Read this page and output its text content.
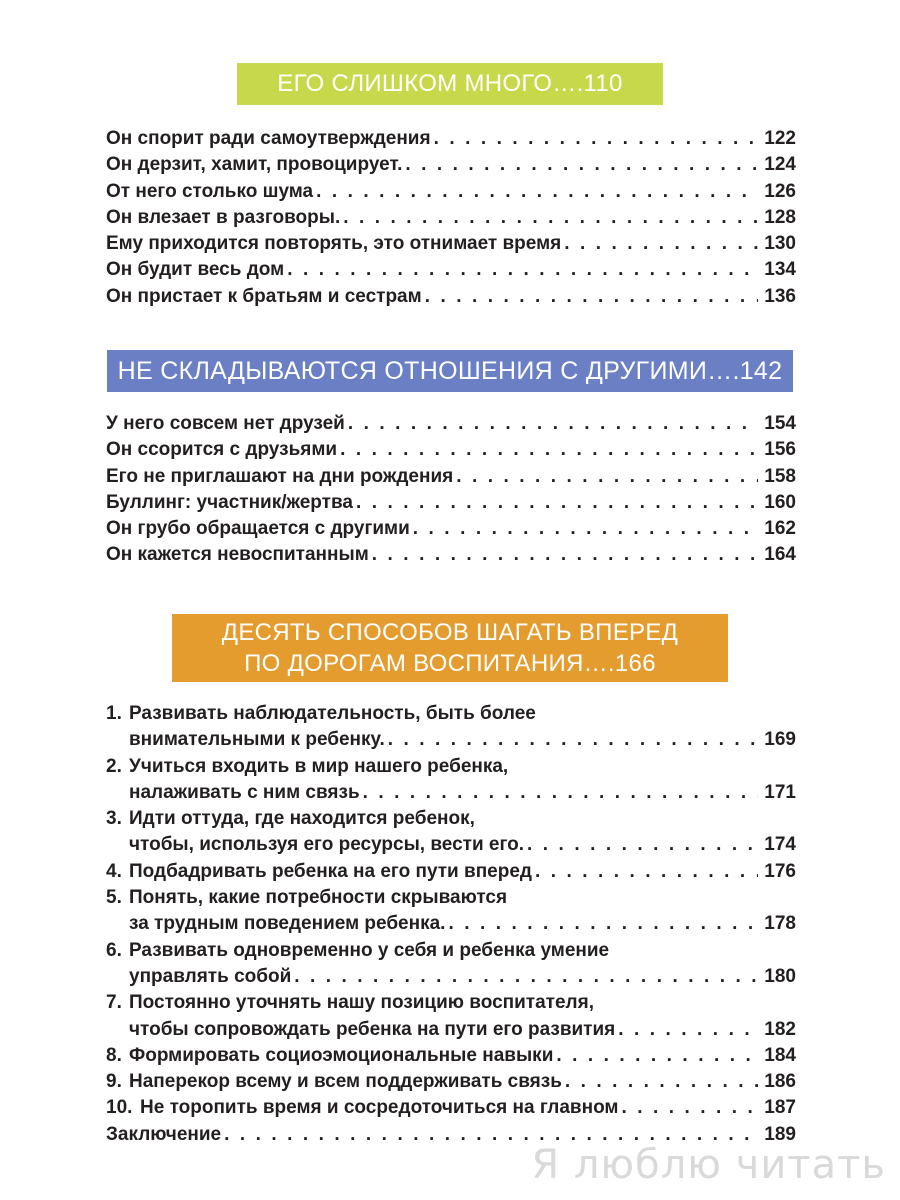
ЕГО СЛИШКОМ МНОГО….110
Он спорит ради самоутверждения . . .	122
Он дерзит, хамит, провоцирует. . . .	124
От него столько шума . . .	126
Он влезает в разговоры. . . .	128
Ему приходится повторять, это отнимает время . . .	130
Он будит весь дом . . .	134
Он пристает к братьям и сестрам . . .	136
НЕ СКЛАДЫВАЮТСЯ ОТНОШЕНИЯ С ДРУГИМИ….142
У него совсем нет друзей . . .	154
Он ссорится с друзьями . . .	156
Его не приглашают на дни рождения . . .	158
Буллинг: участник/жертва . . .	160
Он грубо обращается с другими . . .	162
Он кажется невоспитанным . . .	164
ДЕСЯТЬ СПОСОБОВ ШАГАТЬ ВПЕРЕД
ПО ДОРОГАМ ВОСПИТАНИЯ….166
1. Развивать наблюдательность, быть более
внимательными к ребенку. . . .	169
2. Учиться входить в мир нашего ребенка,
налаживать с ним связь . . .	171
3. Идти оттуда, где находится ребенок,
чтобы, используя его ресурсы, вести его. . . .	174
4. Подбадривать ребенка на его пути вперед . . .	176
5. Понять, какие потребности скрываются
за трудным поведением ребенка. . . .	178
6. Развивать одновременно у себя и ребенка умение
управлять собой . . .	180
7. Постоянно уточнять нашу позицию воспитателя,
чтобы сопровождать ребенка на пути его развития . . .	182
8. Формировать социоэмоциональные навыки . . .	184
9. Наперекор всему и всем поддерживать связь . . .	186
10. Не торопить время и сосредоточиться на главном . . .	187
Заключение . . .	189
Я люблю читать
